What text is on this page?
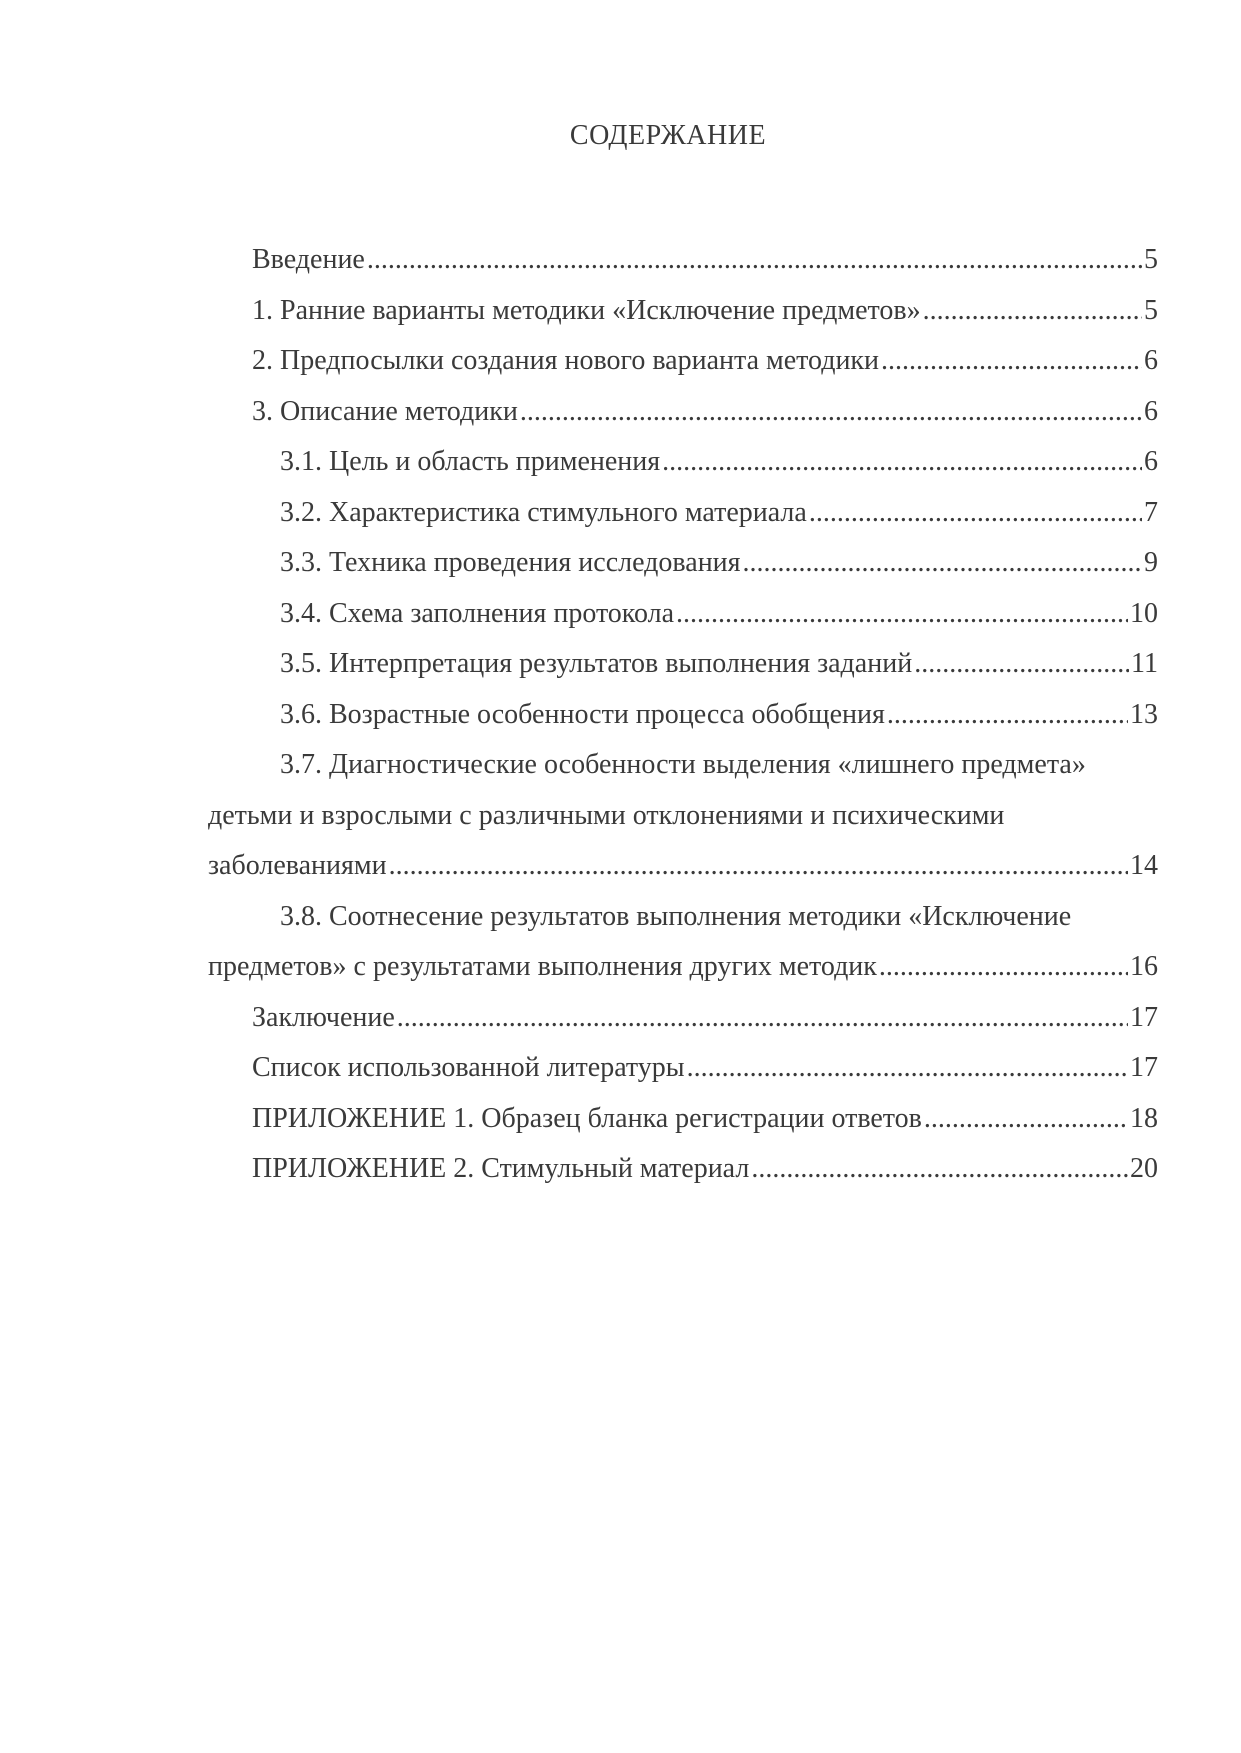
СОДЕРЖАНИЕ
Введение .....	5
1. Ранние варианты методики «Исключение предметов» .....	5
2. Предпосылки создания нового варианта методики .....	6
3. Описание методики .....	6
3.1. Цель и область применения .....	6
3.2. Характеристика стимульного материала .....	7
3.3. Техника проведения исследования .....	9
3.4. Схема заполнения протокола .....	10
3.5. Интерпретация результатов выполнения заданий .....	11
3.6. Возрастные особенности процесса обобщения .....	13
3.7. Диагностические особенности выделения «лишнего предмета»
детьми и взрослыми с различными отклонениями и психическими
заболеваниями .....	14
3.8. Соотнесение результатов выполнения методики «Исключение
предметов» с результатами выполнения других методик .....	16
Заключение .....	17
Список использованной литературы .....	17
ПРИЛОЖЕНИЕ 1. Образец бланка регистрации ответов .....	18
ПРИЛОЖЕНИЕ 2. Стимульный материал .....	20
